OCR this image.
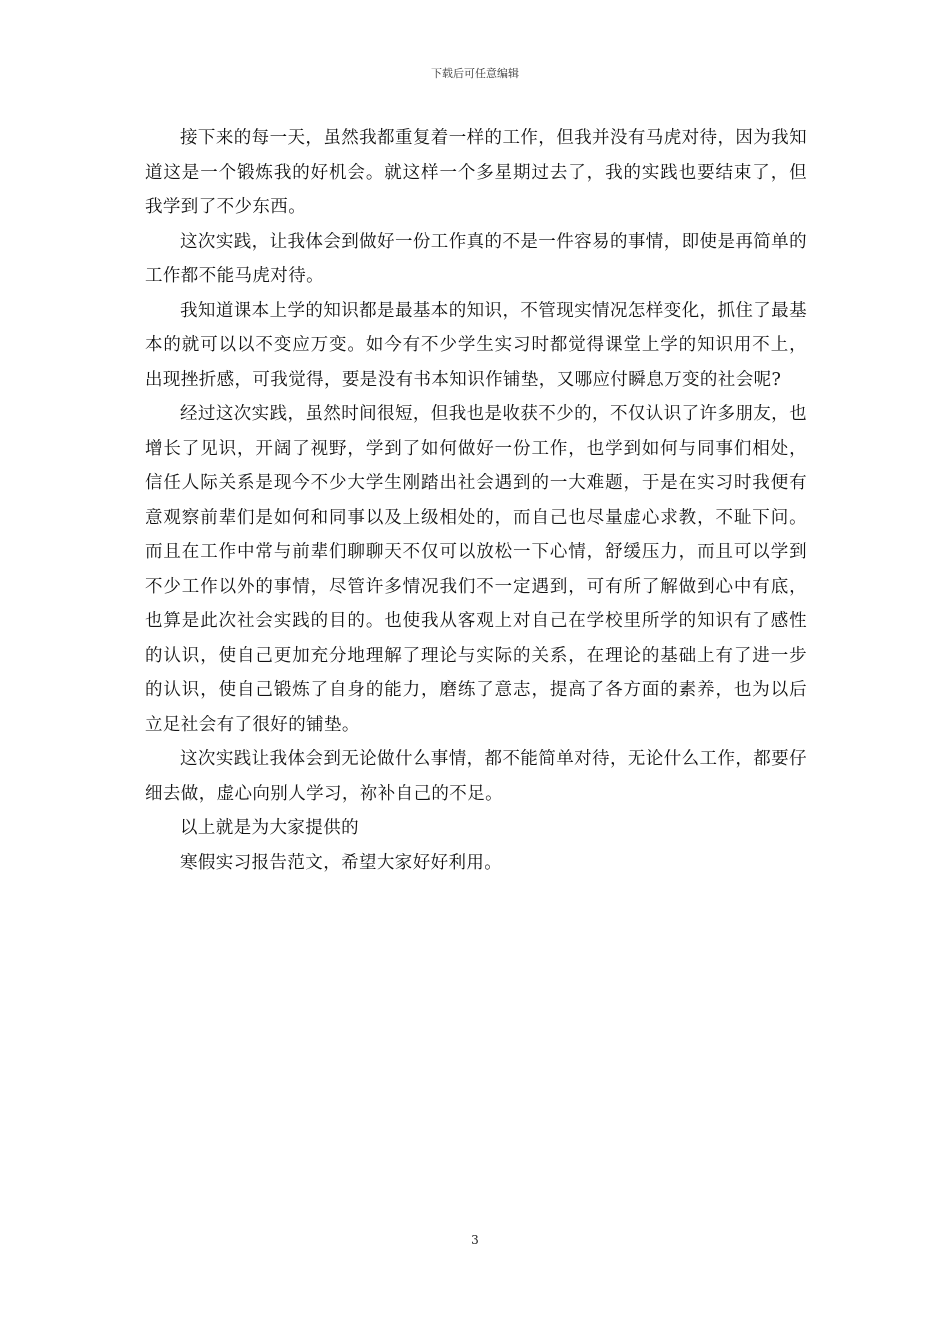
下载后可任意编辑

接下来的每一天，虽然我都重复着一样的工作，但我并没有马虎对待，因为我知道这是一个锻炼我的好机会。就这样一个多星期过去了，我的实践也要结束了，但我学到了不少东西。

这次实践，让我体会到做好一份工作真的不是一件容易的事情，即使是再简单的工作都不能马虎对待。

我知道课本上学的知识都是最基本的知识，不管现实情况怎样变化，抓住了最基本的就可以以不变应万变。如今有不少学生实习时都觉得课堂上学的知识用不上，出现挫折感，可我觉得，要是没有书本知识作铺垫，又哪应付瞬息万变的社会呢?

经过这次实践，虽然时间很短，但我也是收获不少的，不仅认识了许多朋友，也增长了见识，开阔了视野，学到了如何做好一份工作，也学到如何与同事们相处，信任人际关系是现今不少大学生刚踏出社会遇到的一大难题，于是在实习时我便有意观察前辈们是如何和同事以及上级相处的，而自己也尽量虚心求教，不耻下问。而且在工作中常与前辈们聊聊天不仅可以放松一下心情，舒缓压力，而且可以学到不少工作以外的事情，尽管许多情况我们不一定遇到，可有所了解做到心中有底，也算是此次社会实践的目的。也使我从客观上对自己在学校里所学的知识有了感性的认识，使自己更加充分地理解了理论与实际的关系，在理论的基础上有了进一步的认识，使自己锻炼了自身的能力，磨练了意志，提高了各方面的素养，也为以后立足社会有了很好的铺垫。

这次实践让我体会到无论做什么事情，都不能简单对待，无论什么工作，都要仔细去做，虚心向别人学习，祢补自己的不足。

以上就是为大家提供的

寒假实习报告范文，希望大家好好利用。

3
